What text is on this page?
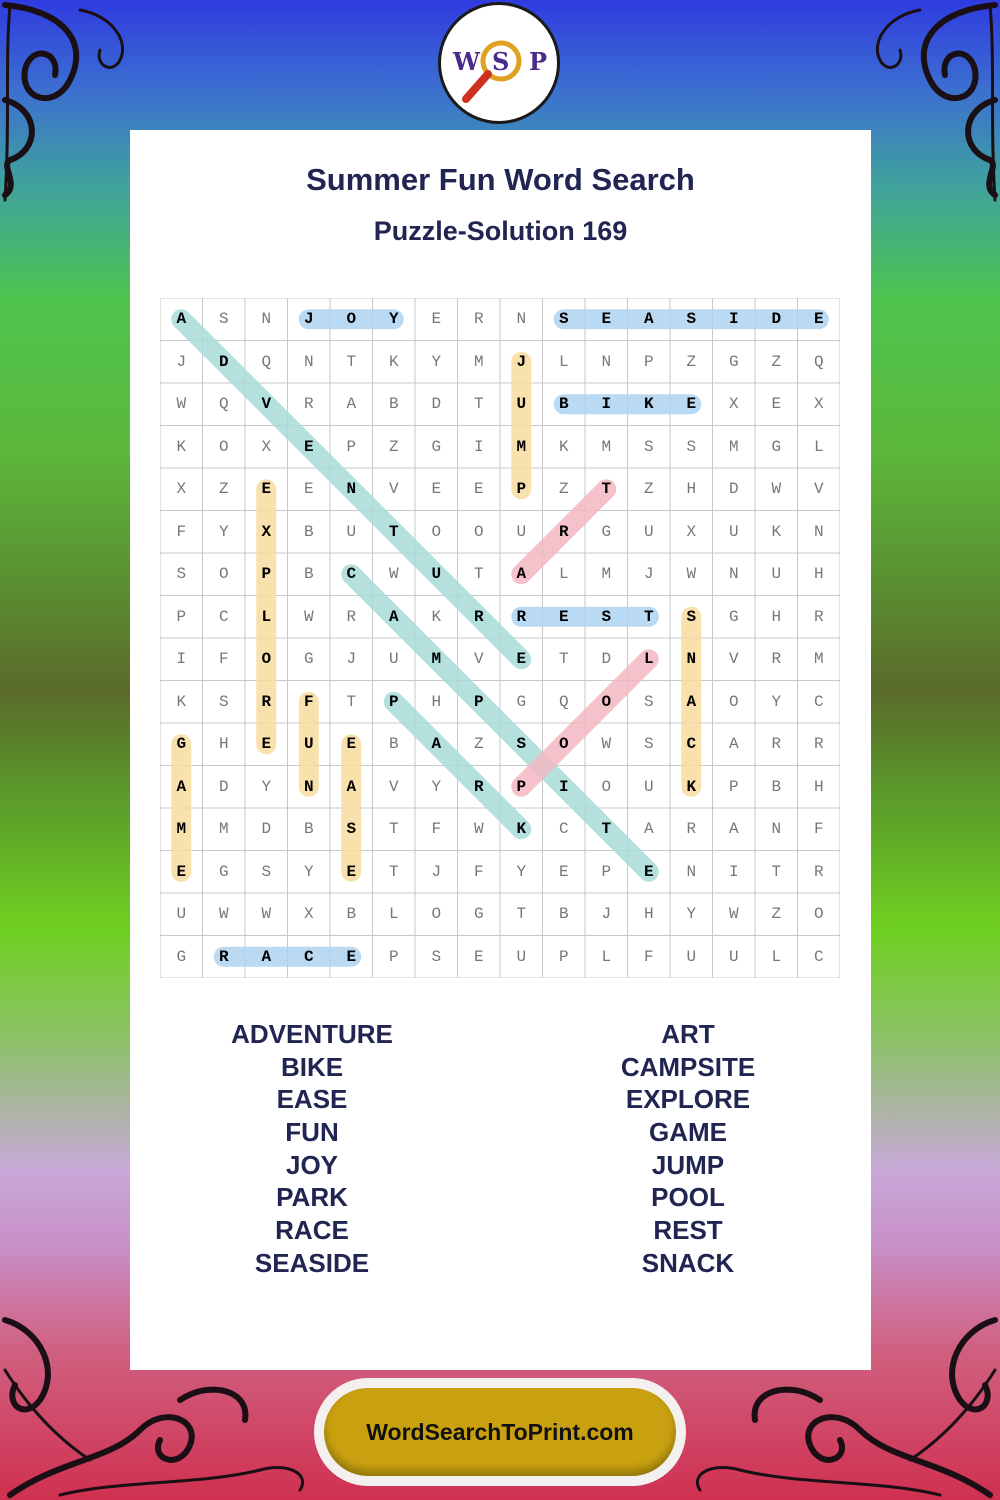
W S P
Summer Fun Word Search
Puzzle-Solution 169
A	S	N	J	O	Y	E	R	N	S	E	A	S	I	D	E
J	D	Q	N	T	K	Y	M	J	L	N	P	Z	G	Z	Q
W	Q	V	R	A	B	D	T	U	B	I	K	E	X	E	X
K	O	X	E	P	Z	G	I	M	K	M	S	S	M	G	L
X	Z	E	E	N	V	E	E	P	Z	T	Z	H	D	W	V
F	Y	X	B	U	T	O	O	U	R	G	U	X	U	K	N
S	O	P	B	C	W	U	T	A	L	M	J	W	N	U	H
P	C	L	W	R	A	K	R	R	E	S	T	S	G	H	R
I	F	O	G	J	U	M	V	E	T	D	L	N	V	R	M
K	S	R	F	T	P	H	P	G	Q	O	S	A	O	Y	C
G	H	E	U	E	B	A	Z	S	O	W	S	C	A	R	R
A	D	Y	N	A	V	Y	R	P	I	O	U	K	P	B	H
M	M	D	B	S	T	F	W	K	C	T	A	R	A	N	F
E	G	S	Y	E	T	J	F	Y	E	P	E	N	I	T	R
U	W	W	X	B	L	O	G	T	B	J	H	Y	W	Z	O
G	R	A	C	E	P	S	E	U	P	L	F	U	U	L	C
ADVENTURE
BIKE
EASE
FUN
JOY
PARK
RACE
SEASIDE
ART
CAMPSITE
EXPLORE
GAME
JUMP
POOL
REST
SNACK
WordSearchToPrint.com
